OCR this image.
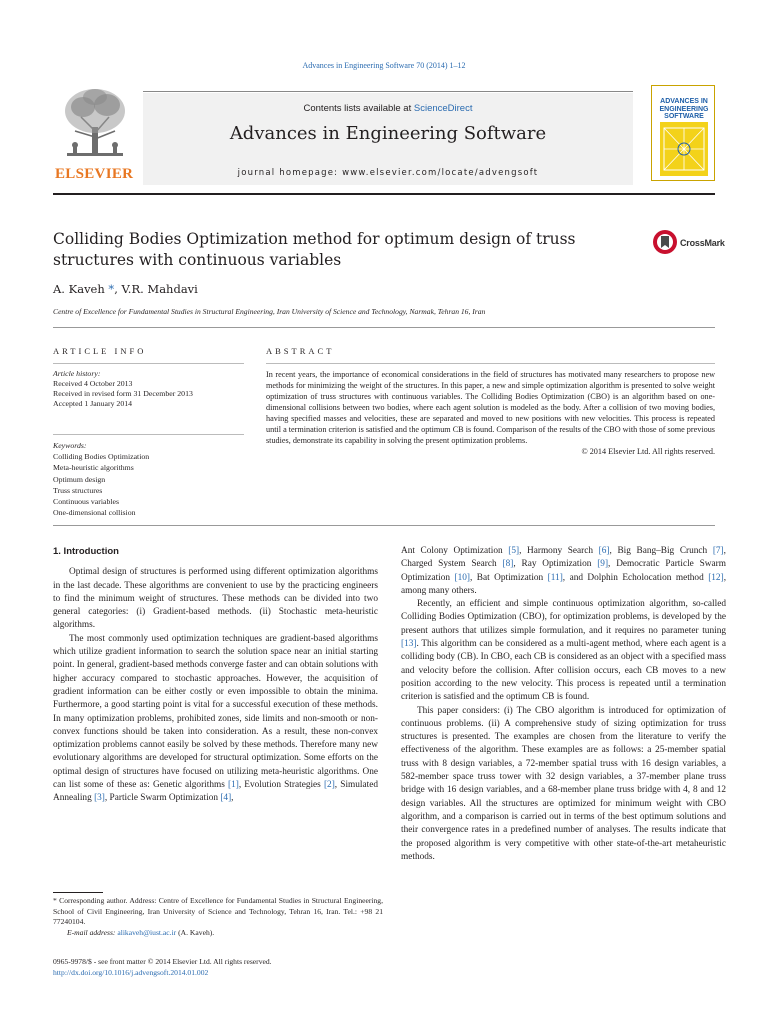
Advances in Engineering Software 70 (2014) 1–12
ELSEVIER
Contents lists available at ScienceDirect
Advances in Engineering Software
journal homepage: www.elsevier.com/locate/advengsoft
ADVANCES IN
ENGINEERING
SOFTWARE
Colliding Bodies Optimization method for optimum design of truss structures with continuous variables
CrossMark
A. Kaveh *, V.R. Mahdavi
Centre of Excellence for Fundamental Studies in Structural Engineering, Iran University of Science and Technology, Narmak, Tehran 16, Iran
ARTICLE INFO	ABSTRACT
Article history:
Received 4 October 2013
Received in revised form 31 December 2013
Accepted 1 January 2014
Keywords:
Colliding Bodies Optimization
Meta-heuristic algorithms
Optimum design
Truss structures
Continuous variables
One-dimensional collision
In recent years, the importance of economical considerations in the field of structures has motivated many researchers to propose new methods for minimizing the weight of the structures. In this paper, a new and simple optimization algorithm is presented to solve weight optimization of truss structures with continuous variables. The Colliding Bodies Optimization (CBO) is an algorithm based on one-dimensional collisions between two bodies, where each agent solution is modeled as the body. After a collision of two moving bodies, having specified masses and velocities, these are separated and moved to new positions with new velocities. This process is repeated until a termination criterion is satisfied and the optimum CB is found. Comparison of the results of the CBO with those of some previous studies, demonstrate its capability in solving the present optimization problems.
© 2014 Elsevier Ltd. All rights reserved.
1. Introduction

Optimal design of structures is performed using different optimization algorithms in the last decade. These algorithms are convenient to use by the practicing engineers to find the minimum weight of structures. These methods can be divided into two general categories: (i) Gradient-based methods. (ii) Stochastic meta-heuristic algorithms.

The most commonly used optimization techniques are gradient-based algorithms which utilize gradient information to search the solution space near an initial starting point. In general, gradient-based methods converge faster and can obtain solutions with higher accuracy compared to stochastic approaches. However, the acquisition of gradient information can be either costly or even impossible to obtain the minima. Furthermore, a good starting point is vital for a successful execution of these methods. In many optimization problems, prohibited zones, side limits and non-smooth or non-convex functions should be taken into consideration. As a result, these non-convex optimization problems cannot easily be solved by these methods. Therefore many new evolutionary algorithms are developed for structural optimization. Some efforts on the optimal design of structures have focused on utilizing meta-heuristic algorithms. One can list some of these as: Genetic algorithms [1], Evolution Strategies [2], Simulated Annealing [3], Particle Swarm Optimization [4],

Ant Colony Optimization [5], Harmony Search [6], Big Bang–Big Crunch [7], Charged System Search [8], Ray Optimization [9], Democratic Particle Swarm Optimization [10], Bat Optimization [11], and Dolphin Echolocation method [12], among many others.

Recently, an efficient and simple continuous optimization algorithm, so-called Colliding Bodies Optimization (CBO), for optimization problems, is developed by the present authors that utilizes simple formulation, and it requires no parameter tuning [13]. This algorithm can be considered as a multi-agent method, where each agent is a colliding body (CB). In CBO, each CB is considered as an object with a specified mass and velocity before the collision. After collision occurs, each CB moves to a new position according to the new velocity. This process is repeated until a termination criterion is satisfied and the optimum CB is found.

This paper considers: (i) The CBO algorithm is introduced for optimization of continuous problems. (ii) A comprehensive study of sizing optimization for truss structures is presented. The examples are chosen from the literature to verify the effectiveness of the algorithm. These examples are as follows: a 25-member spatial truss with 8 design variables, a 72-member spatial truss with 16 design variables, a 582-member space truss tower with 32 design variables, a 37-member plane truss bridge with 16 design variables, and a 68-member plane truss bridge with 4, 8 and 12 design variables. All the structures are optimized for minimum weight with CBO algorithm, and a comparison is carried out in terms of the best optimum solutions and their convergence rates in a predefined number of analyses. The results indicate that the proposed algorithm is very competitive with other state-of-the-art metaheuristic methods.

* Corresponding author. Address: Centre of Excellence for Fundamental Studies in Structural Engineering, School of Civil Engineering, Iran University of Science and Technology, Tehran 16, Iran. Tel.: +98 21 77240104.
E-mail address: alikaveh@iust.ac.ir (A. Kaveh).
0965-9978/$ - see front matter © 2014 Elsevier Ltd. All rights reserved.
http://dx.doi.org/10.1016/j.advengsoft.2014.01.002
